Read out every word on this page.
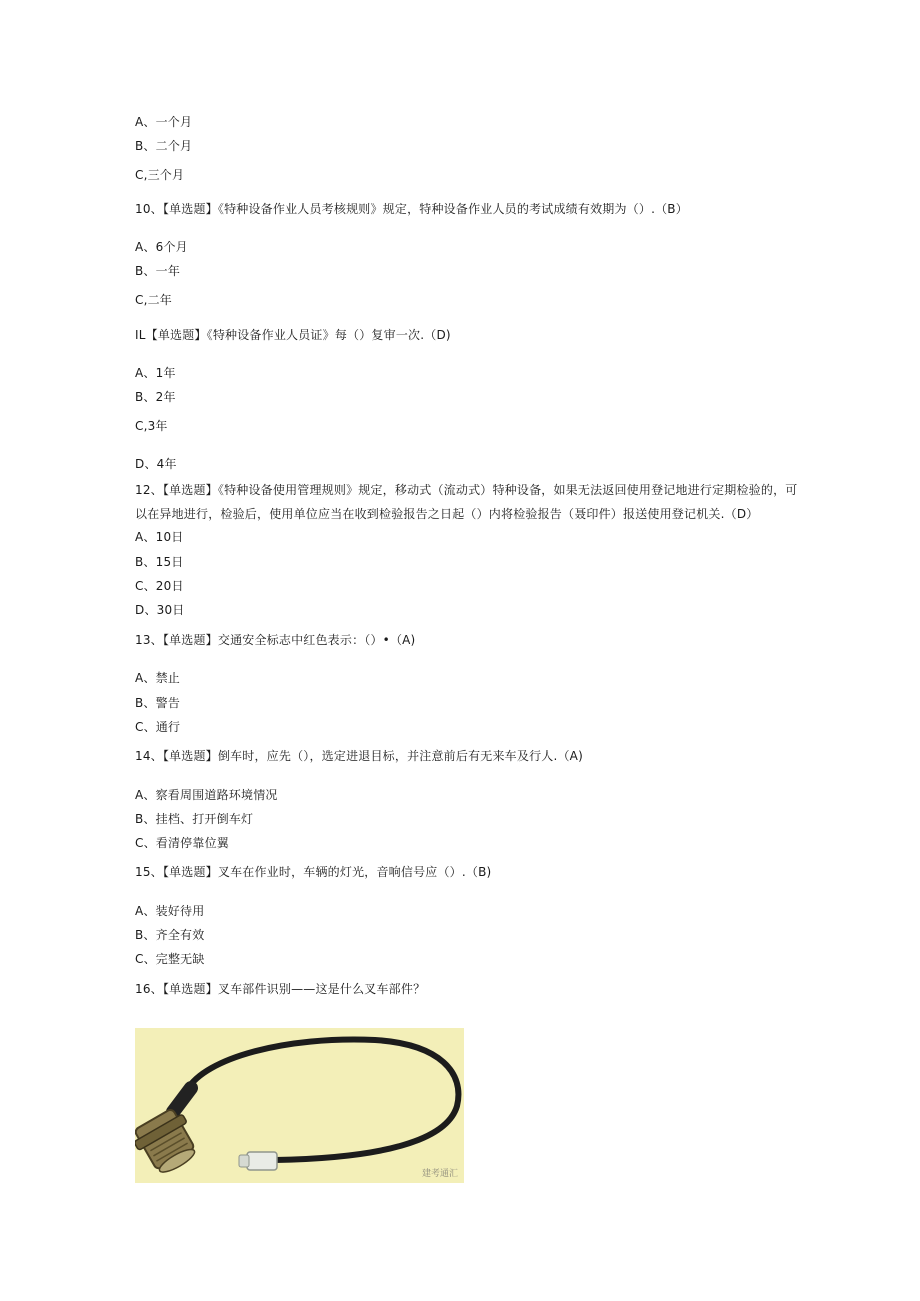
A、一个月
B、二个月
C,三个月
10、【单选题】《特种设备作业人员考核规则》规定，特种设备作业人员的考试成绩有效期为（）.（B）
A、6个月
B、一年
C,二年
IL【单选题】《特种设备作业人员证》每（）复审一次.（D)
A、1年
B、2年
C,3年
D、4年
12、【单选题】《特种设备使用管理规则》规定，移动式（流动式）特种设备，如果无法返回使用登记地进行定期检验的，可
以在异地进行，检验后，使用单位应当在收到检验报告之日起（）内将检验报告（聂印件）报送使用登记机关.（D）
A、10日
B、15日
C、20日
D、30日
13、【单选题】交通安全标志中红色表示：（）•（A)
A、禁止
B、警告
C、通行
14、【单选题】倒车时，应先（），选定进退目标，并注意前后有无来车及行人.（A)
A、察看周围道路环境情况
B、挂档、打开倒车灯
C、看清停靠位翼
15、【单选题】叉车在作业时，车辆的灯光，音响信号应（）.（B)
A、装好待用
B、齐全有效
C、完整无缺
16、【单选题】叉车部件识别——这是什么叉车部件？
建考通汇
